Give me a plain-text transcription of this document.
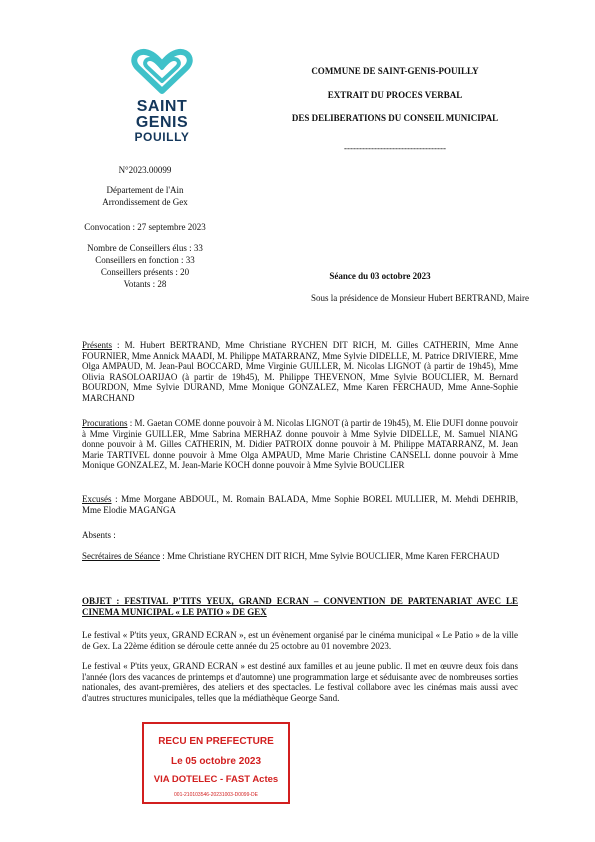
SAINT
GENIS
POUILLY
COMMUNE DE SAINT-GENIS-POUILLY
EXTRAIT DU PROCES VERBAL
DES DELIBERATIONS DU CONSEIL MUNICIPAL
----------------------------------
N°2023.00099
Département de l'Ain
Arrondissement de Gex
Convocation : 27 septembre 2023
Nombre de Conseillers élus : 33
Conseillers en fonction : 33
Conseillers présents : 20
Votants : 28
Séance du 03 octobre 2023
Sous la présidence de Monsieur Hubert BERTRAND, Maire
Présents : M. Hubert BERTRAND, Mme Christiane RYCHEN DIT RICH, M. Gilles CATHERIN, Mme Anne FOURNIER, Mme Annick MAADI, M. Philippe MATARRANZ, Mme Sylvie DIDELLE, M. Patrice DRIVIERE, Mme Olga AMPAUD, M. Jean-Paul BOCCARD, Mme Virginie GUILLER, M. Nicolas LIGNOT (à partir de 19h45), Mme Olivia RASOLOARIJAO (à partir de 19h45), M. Philippe THEVENON, Mme Sylvie BOUCLIER, M. Bernard BOURDON, Mme Sylvie DURAND, Mme Monique GONZALEZ, Mme Karen FERCHAUD, Mme Anne-Sophie MARCHAND
Procurations : M. Gaetan COME donne pouvoir à M. Nicolas LIGNOT (à partir de 19h45), M. Elie DUFI donne pouvoir à Mme Virginie GUILLER, Mme Sabrina MERHAZ donne pouvoir à Mme Sylvie DIDELLE, M. Samuel NIANG donne pouvoir à M. Gilles CATHERIN, M. Didier PATROIX donne pouvoir à M. Philippe MATARRANZ, M. Jean Marie TARTIVEL donne pouvoir à Mme Olga AMPAUD, Mme Marie Christine CANSELL donne pouvoir à Mme Monique GONZALEZ, M. Jean-Marie KOCH donne pouvoir à Mme Sylvie BOUCLIER
Excusés : Mme Morgane ABDOUL, M. Romain BALADA, Mme Sophie BOREL MULLIER, M. Mehdi DEHRIB, Mme Elodie MAGANGA
Absents :
Secrétaires de Séance : Mme Christiane RYCHEN DIT RICH, Mme Sylvie BOUCLIER, Mme Karen FERCHAUD
OBJET : FESTIVAL P'TITS YEUX, GRAND ECRAN – CONVENTION DE PARTENARIAT AVEC LE CINEMA MUNICIPAL « LE PATIO » DE GEX
Le festival « P'tits yeux, GRAND ECRAN », est un évènement organisé par le cinéma municipal « Le Patio » de la ville de Gex. La 22ème édition se déroule cette année du 25 octobre au 01 novembre 2023.
Le festival « P'tits yeux, GRAND ECRAN » est destiné aux familles et au jeune public. Il met en œuvre deux fois dans l'année (lors des vacances de printemps et d'automne) une programmation large et séduisante avec de nombreuses sorties nationales, des avant-premières, des ateliers et des spectacles. Le festival collabore avec les cinémas mais aussi avec d'autres structures municipales, telles que la médiathèque George Sand.
RECU EN PREFECTURE
Le 05 octobre 2023
VIA DOTELEC - FAST Actes
001-210103546-20231003-D0099-DE
